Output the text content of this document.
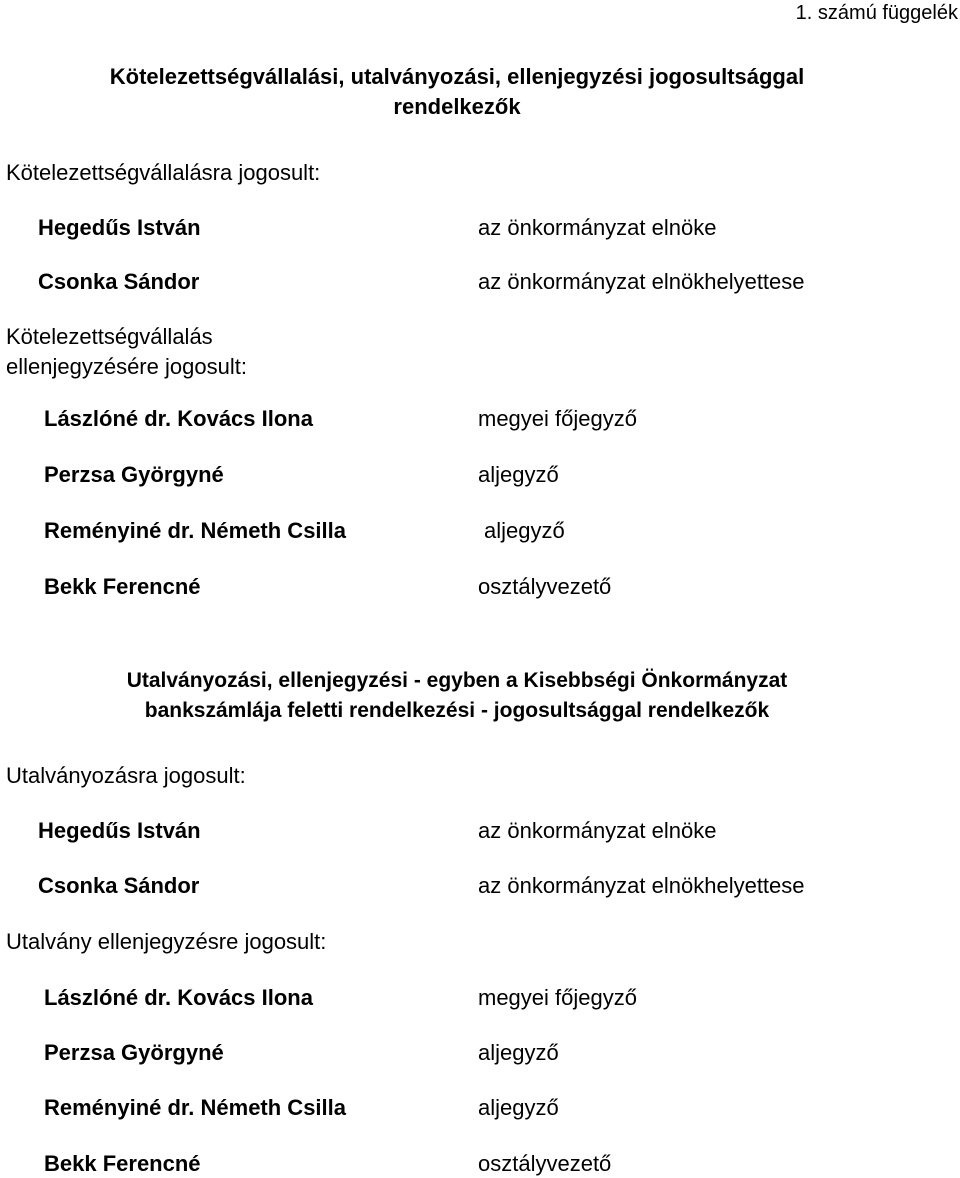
1. számú függelék
Kötelezettségvállalási, utalványozási, ellenjegyzési jogosultsággal
rendelkezők
Kötelezettségvállalásra jogosult:
Hegedűs István	az önkormányzat elnöke
Csonka Sándor	az önkormányzat elnökhelyettese
Kötelezettségvállalás
ellenjegyzésére jogosult:
Lászlóné dr. Kovács Ilona	megyei főjegyző
Perzsa Györgyné	aljegyző
Reményiné dr. Németh Csilla	aljegyző
Bekk Ferencné	osztályvezető
Utalványozási, ellenjegyzési - egyben a Kisebbségi Önkormányzat
bankszámlája feletti rendelkezési - jogosultsággal rendelkezők
Utalványozásra jogosult:
Hegedűs István	az önkormányzat elnöke
Csonka Sándor	az önkormányzat elnökhelyettese
Utalvány ellenjegyzésre jogosult:
Lászlóné dr. Kovács Ilona	megyei főjegyző
Perzsa Györgyné	aljegyző
Reményiné dr. Németh Csilla	aljegyző
Bekk Ferencné	osztályvezető
